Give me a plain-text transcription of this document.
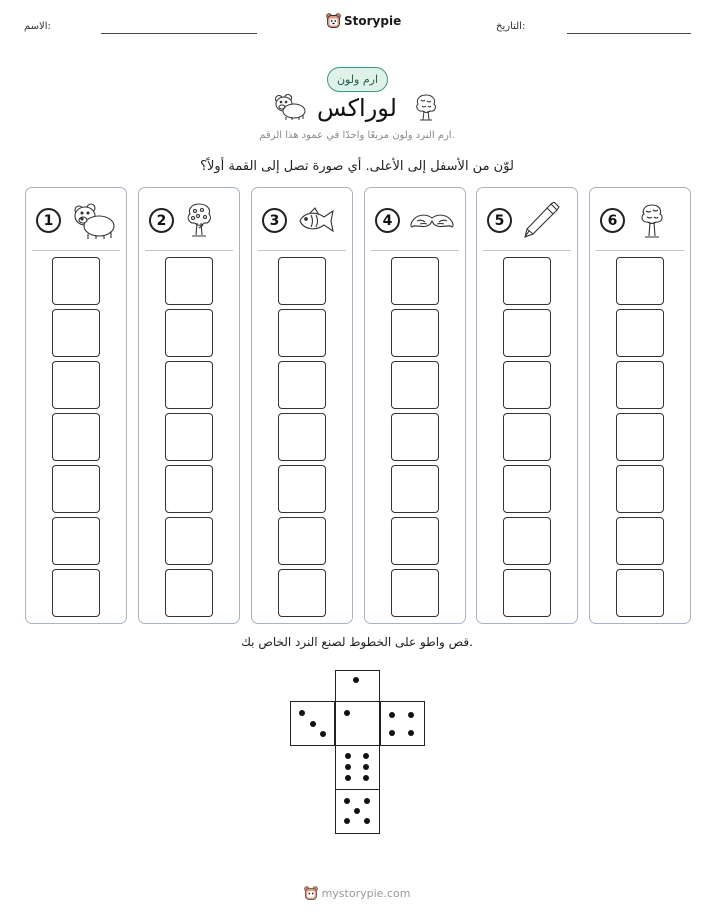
الاسم:	Storypie	التاريخ:
ارم ولون
لوراكس
ارم النرد ولون مربعًا واحدًا في عمود هذا الرقم.
لوّن من الأسفل إلى الأعلى. أي صورة تصل إلى القمة أولاً؟
1	2	3	4	5	6
قص واطو على الخطوط لصنع النرد الخاص بك.
mystorypie.com
